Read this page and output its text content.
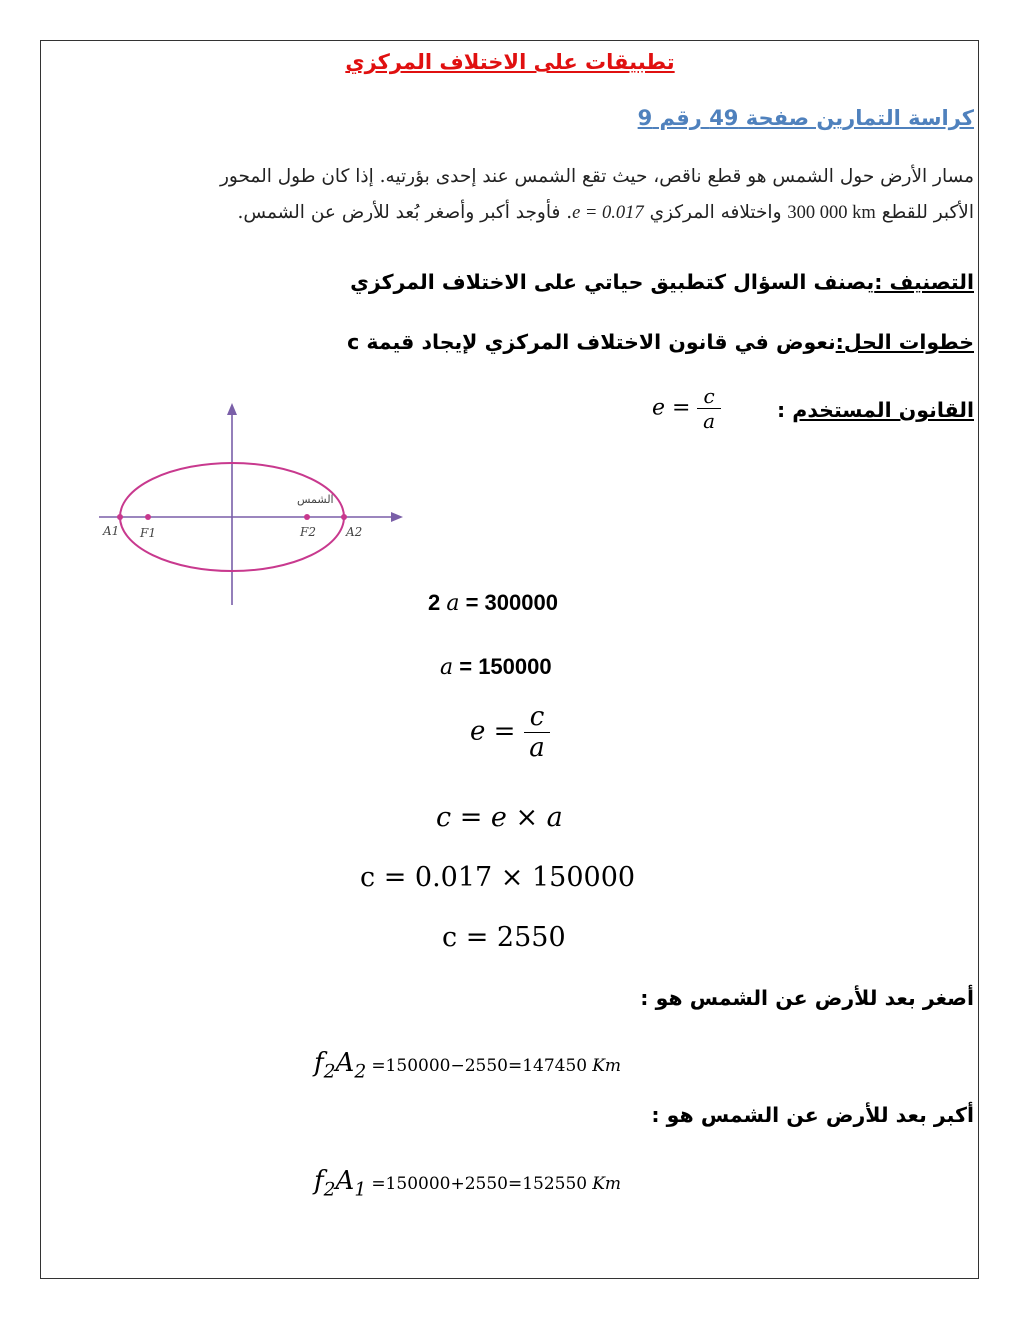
تطبيقات على الاختلاف المركزي
كراسة التمارين صفحة 49 رقم 9
مسار الأرض حول الشمس هو قطع ناقص، حيث تقع الشمس عند إحدى بؤرتيه. إذا كان طول المحور
الأكبر للقطع 300 000 km واختلافه المركزي e = 0.017. فأوجد أكبر وأصغر بُعد للأرض عن الشمس.
التصنيف :يصنف السؤال كتطبيق حياتي على الاختلاف المركزي
خطوات الحل:نعوض في قانون الاختلاف المركزي لإيجاد قيمة c
القانون المستخدم :
$e = \frac{c}{a}$
الشمس
A1 F1	F2	A2
2 a = 300000
a = 150000
$e = \frac{c}{a}$
c = e × a
c = 0.017 × 150000
c = 2550
أصغر بعد للأرض عن الشمس هو :
$f_2A_2 =150000-2550=147450$ Km
أكبر بعد للأرض عن الشمس هو :
$f_2A_1 =150000+2550=152550$ Km
